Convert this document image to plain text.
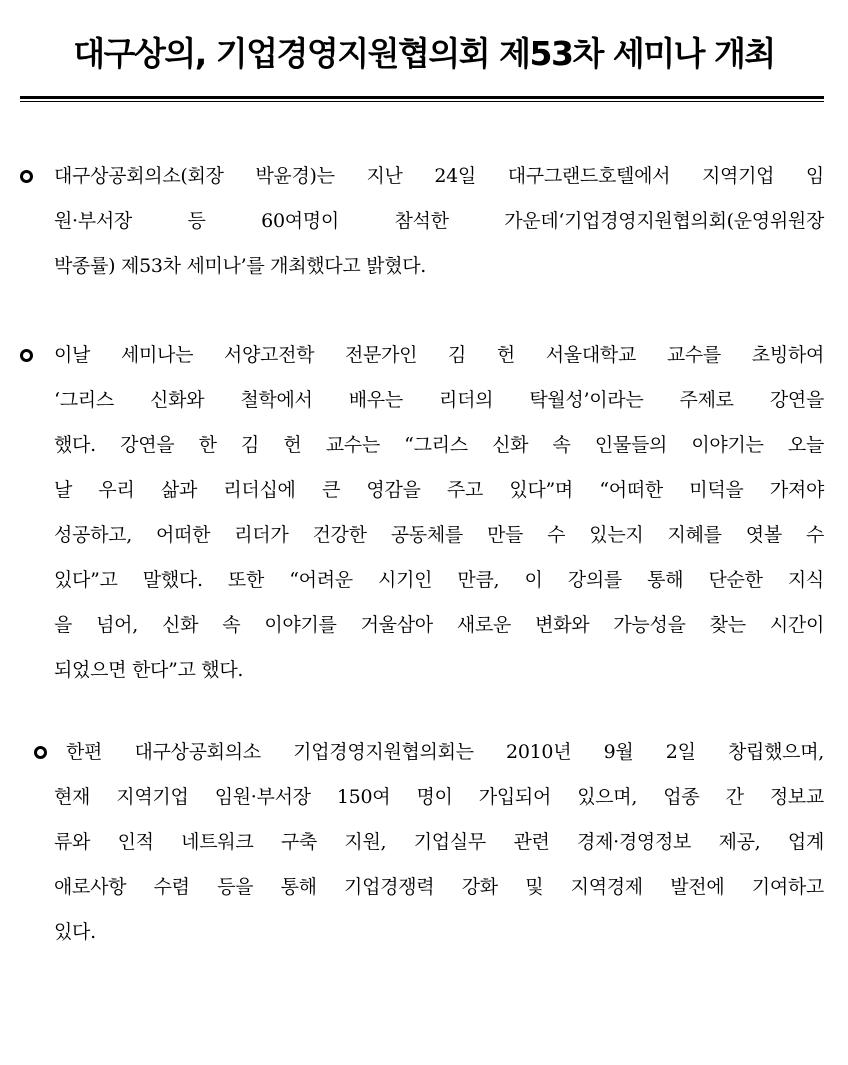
대구상의, 기업경영지원협의회 제53차 세미나 개최
대구상공회의소(회장 박윤경)는 지난 24일 대구그랜드호텔에서 지역기업 임
원·부서장 등 60여명이 참석한 가운데‘기업경영지원협의회(운영위원장
박종률) 제53차 세미나’를 개최했다고 밝혔다.
이날 세미나는 서양고전학 전문가인 김 헌 서울대학교 교수를 초빙하여
‘그리스 신화와 철학에서 배우는 리더의 탁월성’이라는 주제로 강연을
했다. 강연을 한 김 헌 교수는 “그리스 신화 속 인물들의 이야기는 오늘
날 우리 삶과 리더십에 큰 영감을 주고 있다”며 “어떠한 미덕을 가져야
성공하고, 어떠한 리더가 건강한 공동체를 만들 수 있는지 지혜를 엿볼 수
있다”고 말했다. 또한 “어려운 시기인 만큼, 이 강의를 통해 단순한 지식
을 넘어, 신화 속 이야기를 거울삼아 새로운 변화와 가능성을 찾는 시간이
되었으면 한다”고 했다.
한편 대구상공회의소 기업경영지원협의회는 2010년 9월 2일 창립했으며,
현재 지역기업 임원·부서장 150여 명이 가입되어 있으며, 업종 간 정보교
류와 인적 네트워크 구축 지원, 기업실무 관련 경제·경영정보 제공, 업계
애로사항 수렴 등을 통해 기업경쟁력 강화 및 지역경제 발전에 기여하고
있다.
